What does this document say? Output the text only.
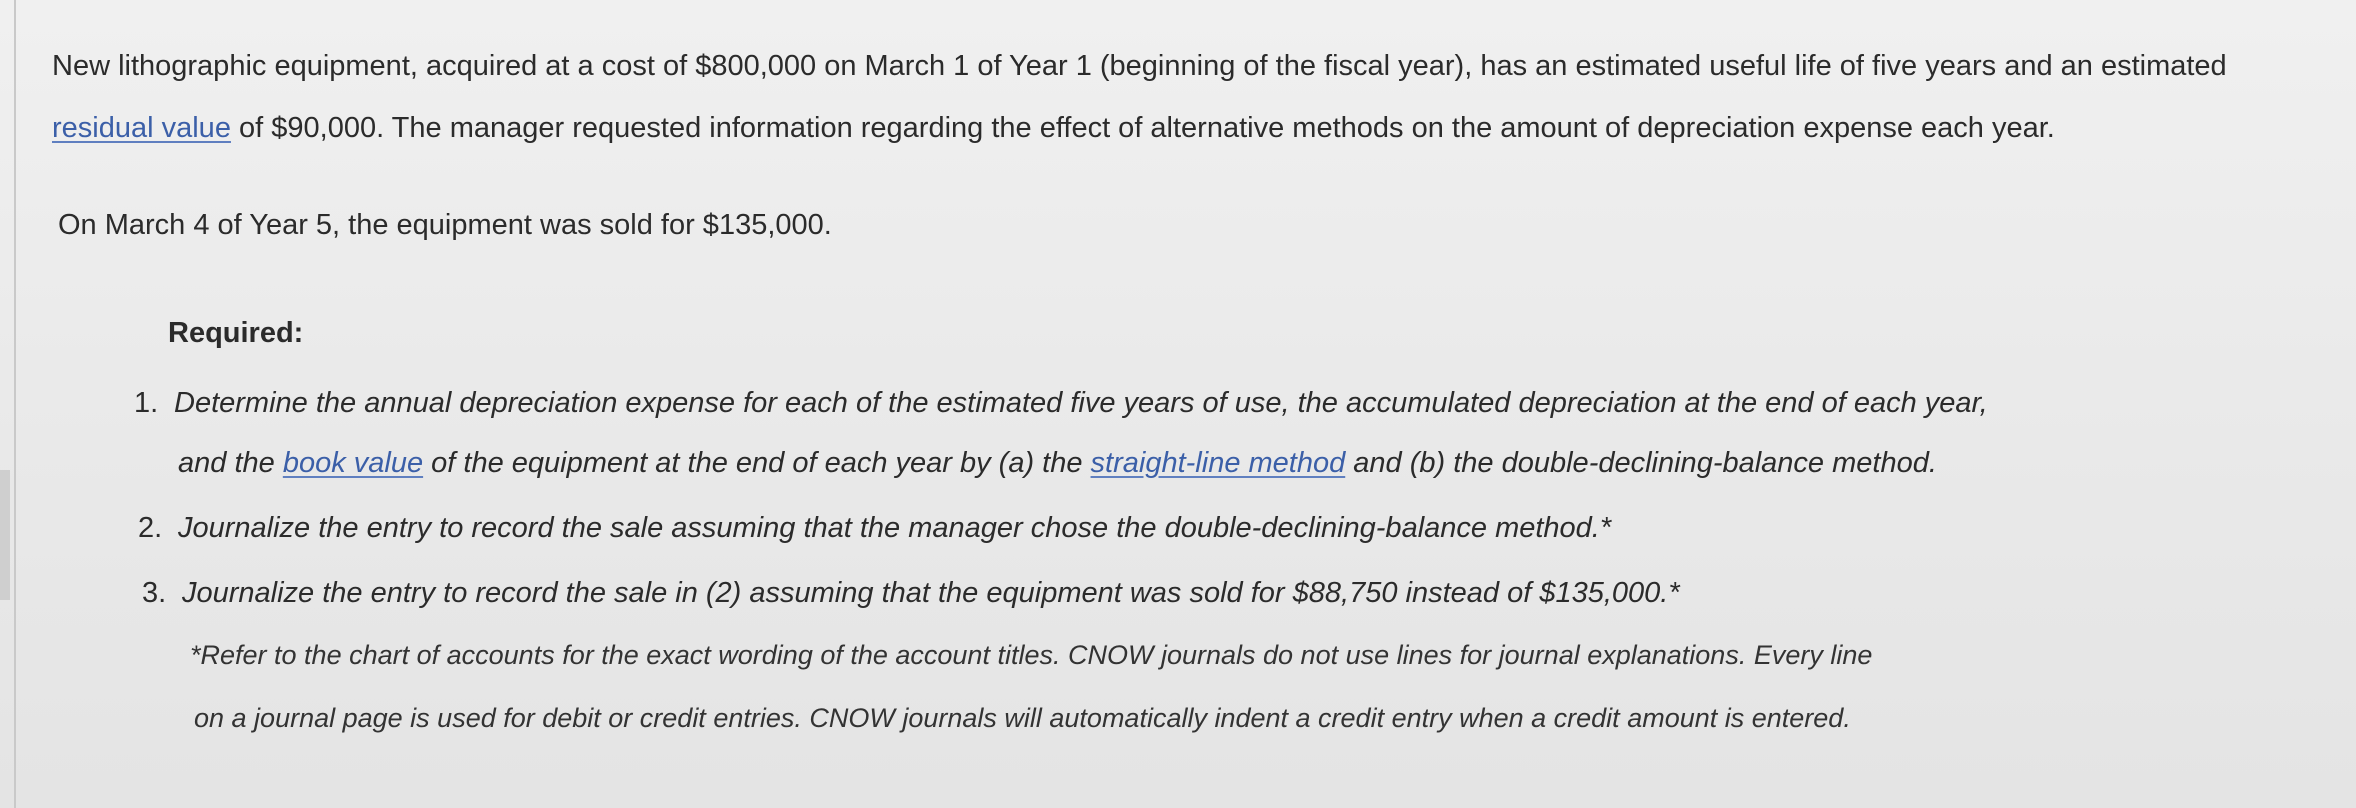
New lithographic equipment, acquired at a cost of $800,000 on March 1 of Year 1 (beginning of the fiscal year), has an estimated useful life of five years and an estimated
residual value of $90,000. The manager requested information regarding the effect of alternative methods on the amount of depreciation expense each year.
On March 4 of Year 5, the equipment was sold for $135,000.
Required:
1. Determine the annual depreciation expense for each of the estimated five years of use, the accumulated depreciation at the end of each year,
and the book value of the equipment at the end of each year by (a) the straight-line method and (b) the double-declining-balance method.
2. Journalize the entry to record the sale assuming that the manager chose the double-declining-balance method.*
3. Journalize the entry to record the sale in (2) assuming that the equipment was sold for $88,750 instead of $135,000.*
*Refer to the chart of accounts for the exact wording of the account titles. CNOW journals do not use lines for journal explanations. Every line
on a journal page is used for debit or credit entries. CNOW journals will automatically indent a credit entry when a credit amount is entered.
